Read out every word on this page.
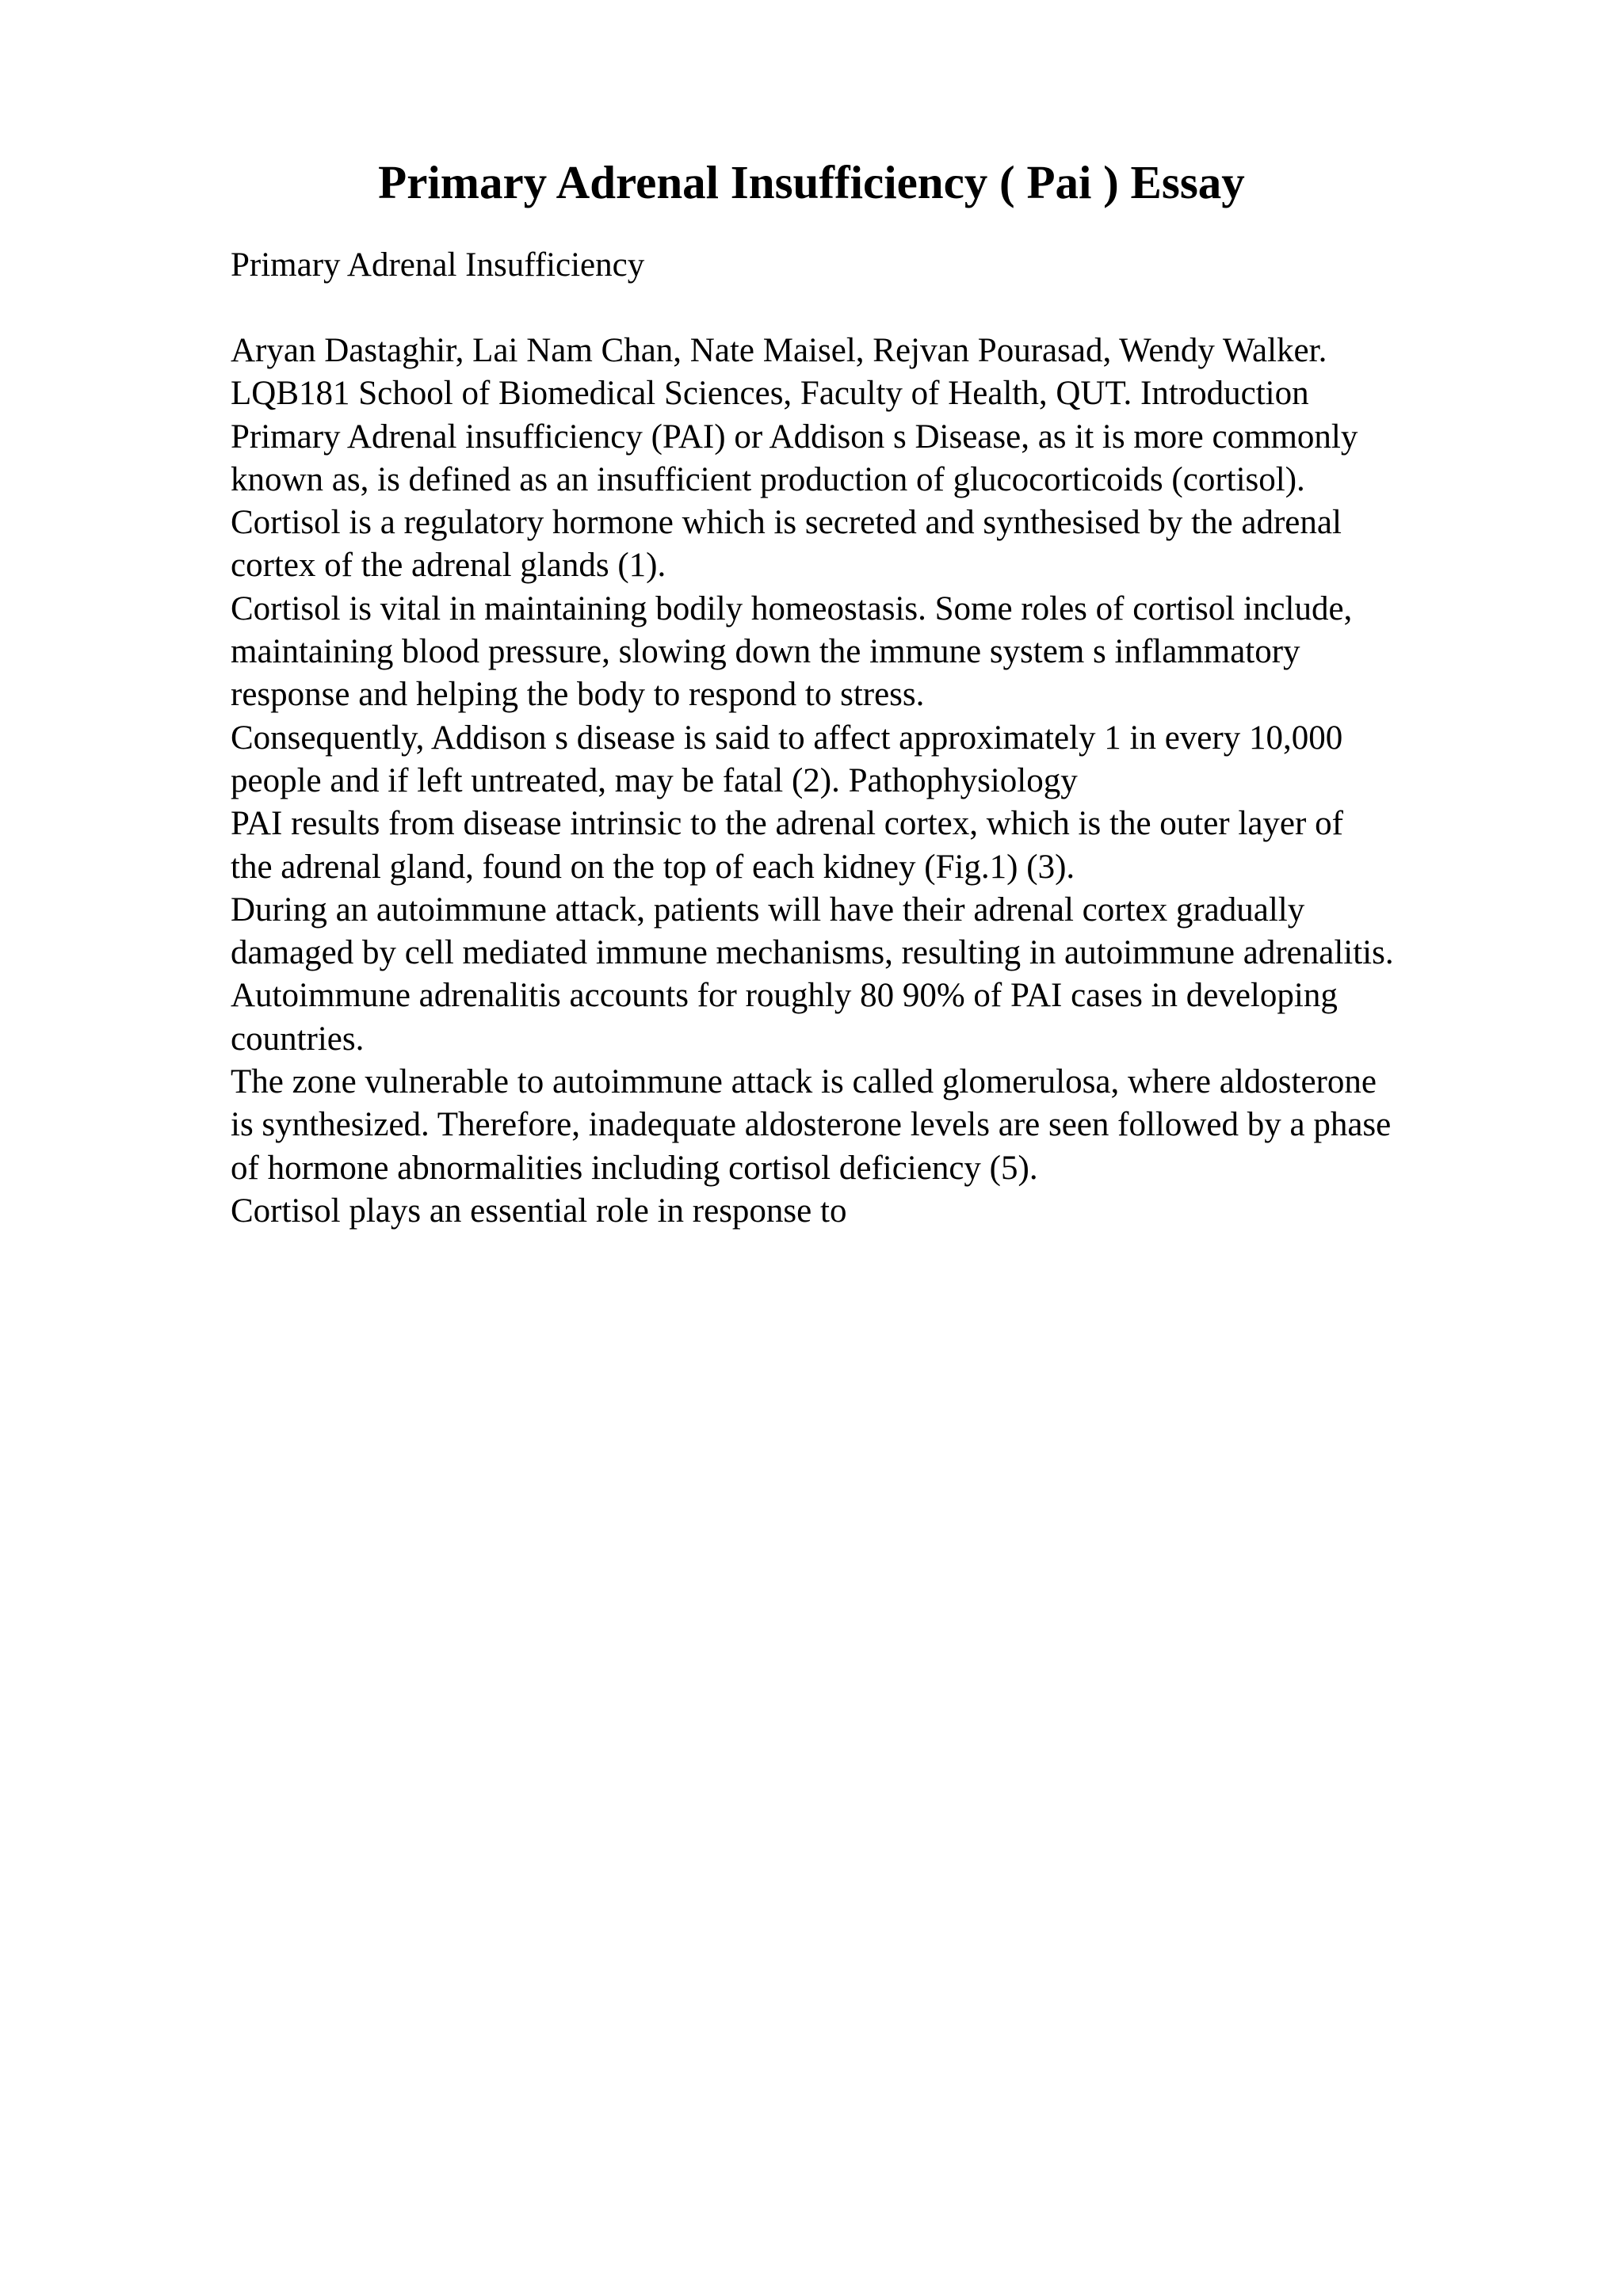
Primary Adrenal Insufficiency ( Pai ) Essay

Primary Adrenal Insufficiency

Aryan Dastaghir, Lai Nam Chan, Nate Maisel, Rejvan Pourasad, Wendy Walker.
LQB181 School of Biomedical Sciences, Faculty of Health, QUT. Introduction
Primary Adrenal insufficiency (PAI) or Addison s Disease, as it is more commonly
known as, is defined as an insufficient production of glucocorticoids (cortisol).
Cortisol is a regulatory hormone which is secreted and synthesised by the adrenal
cortex of the adrenal glands (1).
Cortisol is vital in maintaining bodily homeostasis. Some roles of cortisol include,
maintaining blood pressure, slowing down the immune system s inflammatory
response and helping the body to respond to stress.
Consequently, Addison s disease is said to affect approximately 1 in every 10,000
people and if left untreated, may be fatal (2). Pathophysiology
PAI results from disease intrinsic to the adrenal cortex, which is the outer layer of
the adrenal gland, found on the top of each kidney (Fig.1) (3).
During an autoimmune attack, patients will have their adrenal cortex gradually
damaged by cell mediated immune mechanisms, resulting in autoimmune adrenalitis.
Autoimmune adrenalitis accounts for roughly 80 90% of PAI cases in developing
countries.
The zone vulnerable to autoimmune attack is called glomerulosa, where aldosterone
is synthesized. Therefore, inadequate aldosterone levels are seen followed by a phase
of hormone abnormalities including cortisol deficiency (5).
Cortisol plays an essential role in response to
